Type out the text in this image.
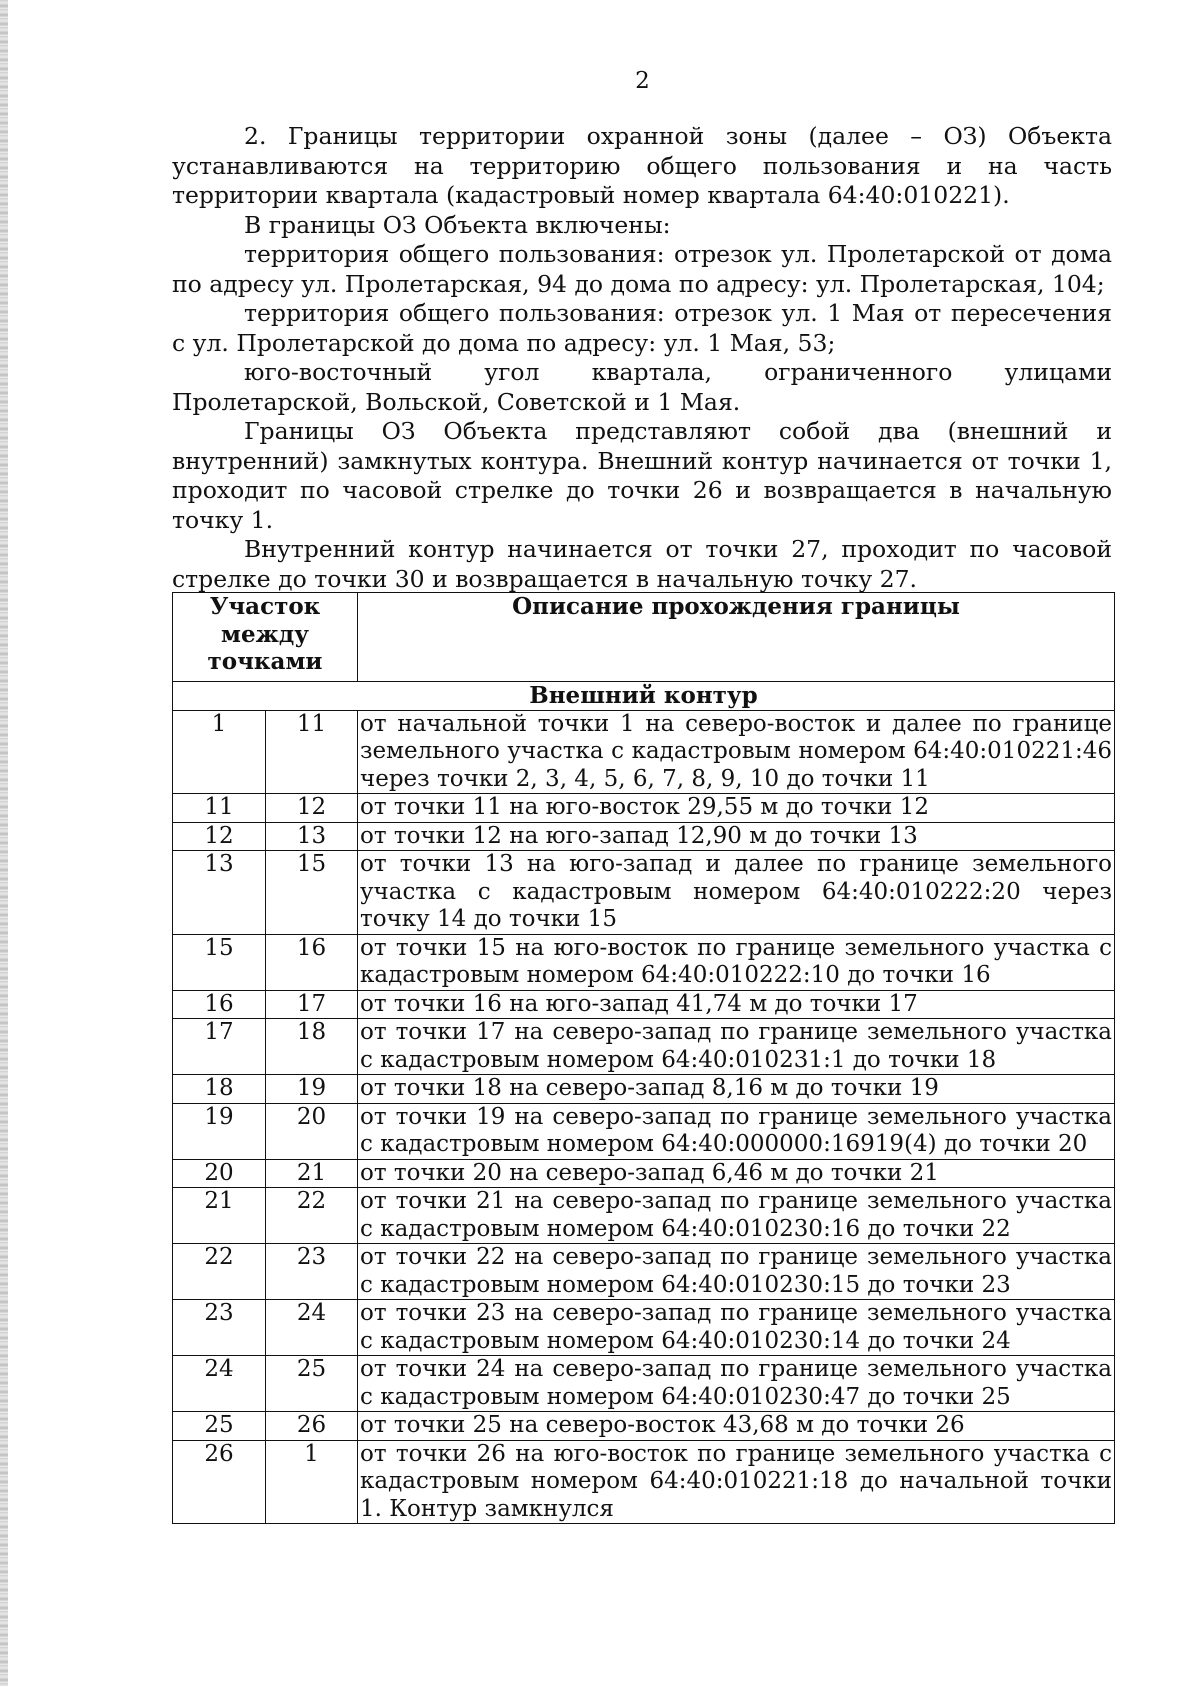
2

2. Границы территории охранной зоны (далее – ОЗ) Объекта устанавливаются на территорию общего пользования и на часть территории квартала (кадастровый номер квартала 64:40:010221).

В границы ОЗ Объекта включены:

территория общего пользования: отрезок ул. Пролетарской от дома по адресу ул. Пролетарская, 94 до дома по адресу: ул. Пролетарская, 104;

территория общего пользования: отрезок ул. 1 Мая от пересечения с ул. Пролетарской до дома по адресу: ул. 1 Мая, 53;

юго-восточный угол квартала, ограниченного улицами Пролетарской, Вольской, Советской и 1 Мая.

Границы ОЗ Объекта представляют собой два (внешний и внутренний) замкнутых контура. Внешний контур начинается от точки 1, проходит по часовой стрелке до точки 26 и возвращается в начальную точку 1.

Внутренний контур начинается от точки 27, проходит по часовой стрелке до точки 30 и возвращается в начальную точку 27.

Участок между точками		Описание прохождения границы
Внешний контур		
1	11	от начальной точки 1 на северо-восток и далее по границе земельного участка с кадастровым номером 64:40:010221:46 через точки 2, 3, 4, 5, 6, 7, 8, 9, 10 до точки 11
11	12	от точки 11 на юго-восток 29,55 м до точки 12
12	13	от точки 12 на юго-запад 12,90 м до точки 13
13	15	от точки 13 на юго-запад и далее по границе земельного участка с кадастровым номером 64:40:010222:20 через точку 14 до точки 15
15	16	от точки 15 на юго-восток по границе земельного участка с кадастровым номером 64:40:010222:10 до точки 16
16	17	от точки 16 на юго-запад 41,74 м до точки 17
17	18	от точки 17 на северо-запад по границе земельного участка с кадастровым номером 64:40:010231:1 до точки 18
18	19	от точки 18 на северо-запад 8,16 м до точки 19
19	20	от точки 19 на северо-запад по границе земельного участка с кадастровым номером 64:40:000000:16919(4) до точки 20
20	21	от точки 20 на северо-запад 6,46 м до точки 21
21	22	от точки 21 на северо-запад по границе земельного участка с кадастровым номером 64:40:010230:16 до точки 22
22	23	от точки 22 на северо-запад по границе земельного участка с кадастровым номером 64:40:010230:15 до точки 23
23	24	от точки 23 на северо-запад по границе земельного участка с кадастровым номером 64:40:010230:14 до точки 24
24	25	от точки 24 на северо-запад по границе земельного участка с кадастровым номером 64:40:010230:47 до точки 25
25	26	от точки 25 на северо-восток 43,68 м до точки 26
26	1	от точки 26 на юго-восток по границе земельного участка с кадастровым номером 64:40:010221:18 до начальной точки 1. Контур замкнулся
